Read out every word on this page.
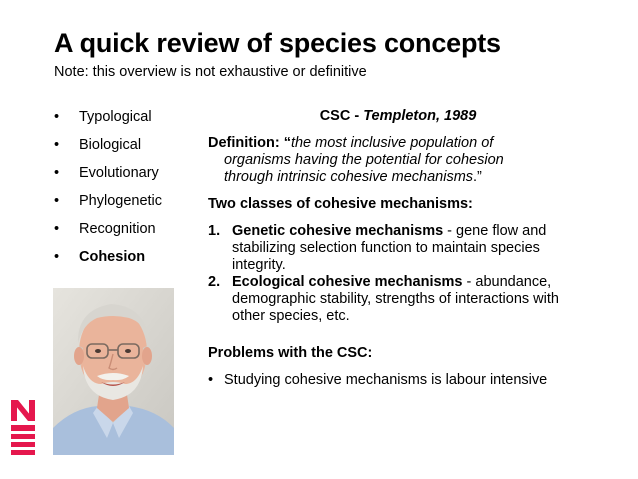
A quick review of species concepts
Note: this overview is not exhaustive or definitive
•	Typological
•	Biological
•	Evolutionary
•	Phylogenetic
•	Recognition
•	Cohesion
CSC - Templeton, 1989
Definition: “the most inclusive population of
organisms having the potential for cohesion
through intrinsic cohesive mechanisms.”
Two classes of cohesive mechanisms:
1. Genetic cohesive mechanisms - gene flow and stabilizing selection function to maintain species integrity.
2. Ecological cohesive mechanisms - abundance, demographic stability, strengths of interactions with other species, etc.
Problems with the CSC:
• Studying cohesive mechanisms is labour intensive
